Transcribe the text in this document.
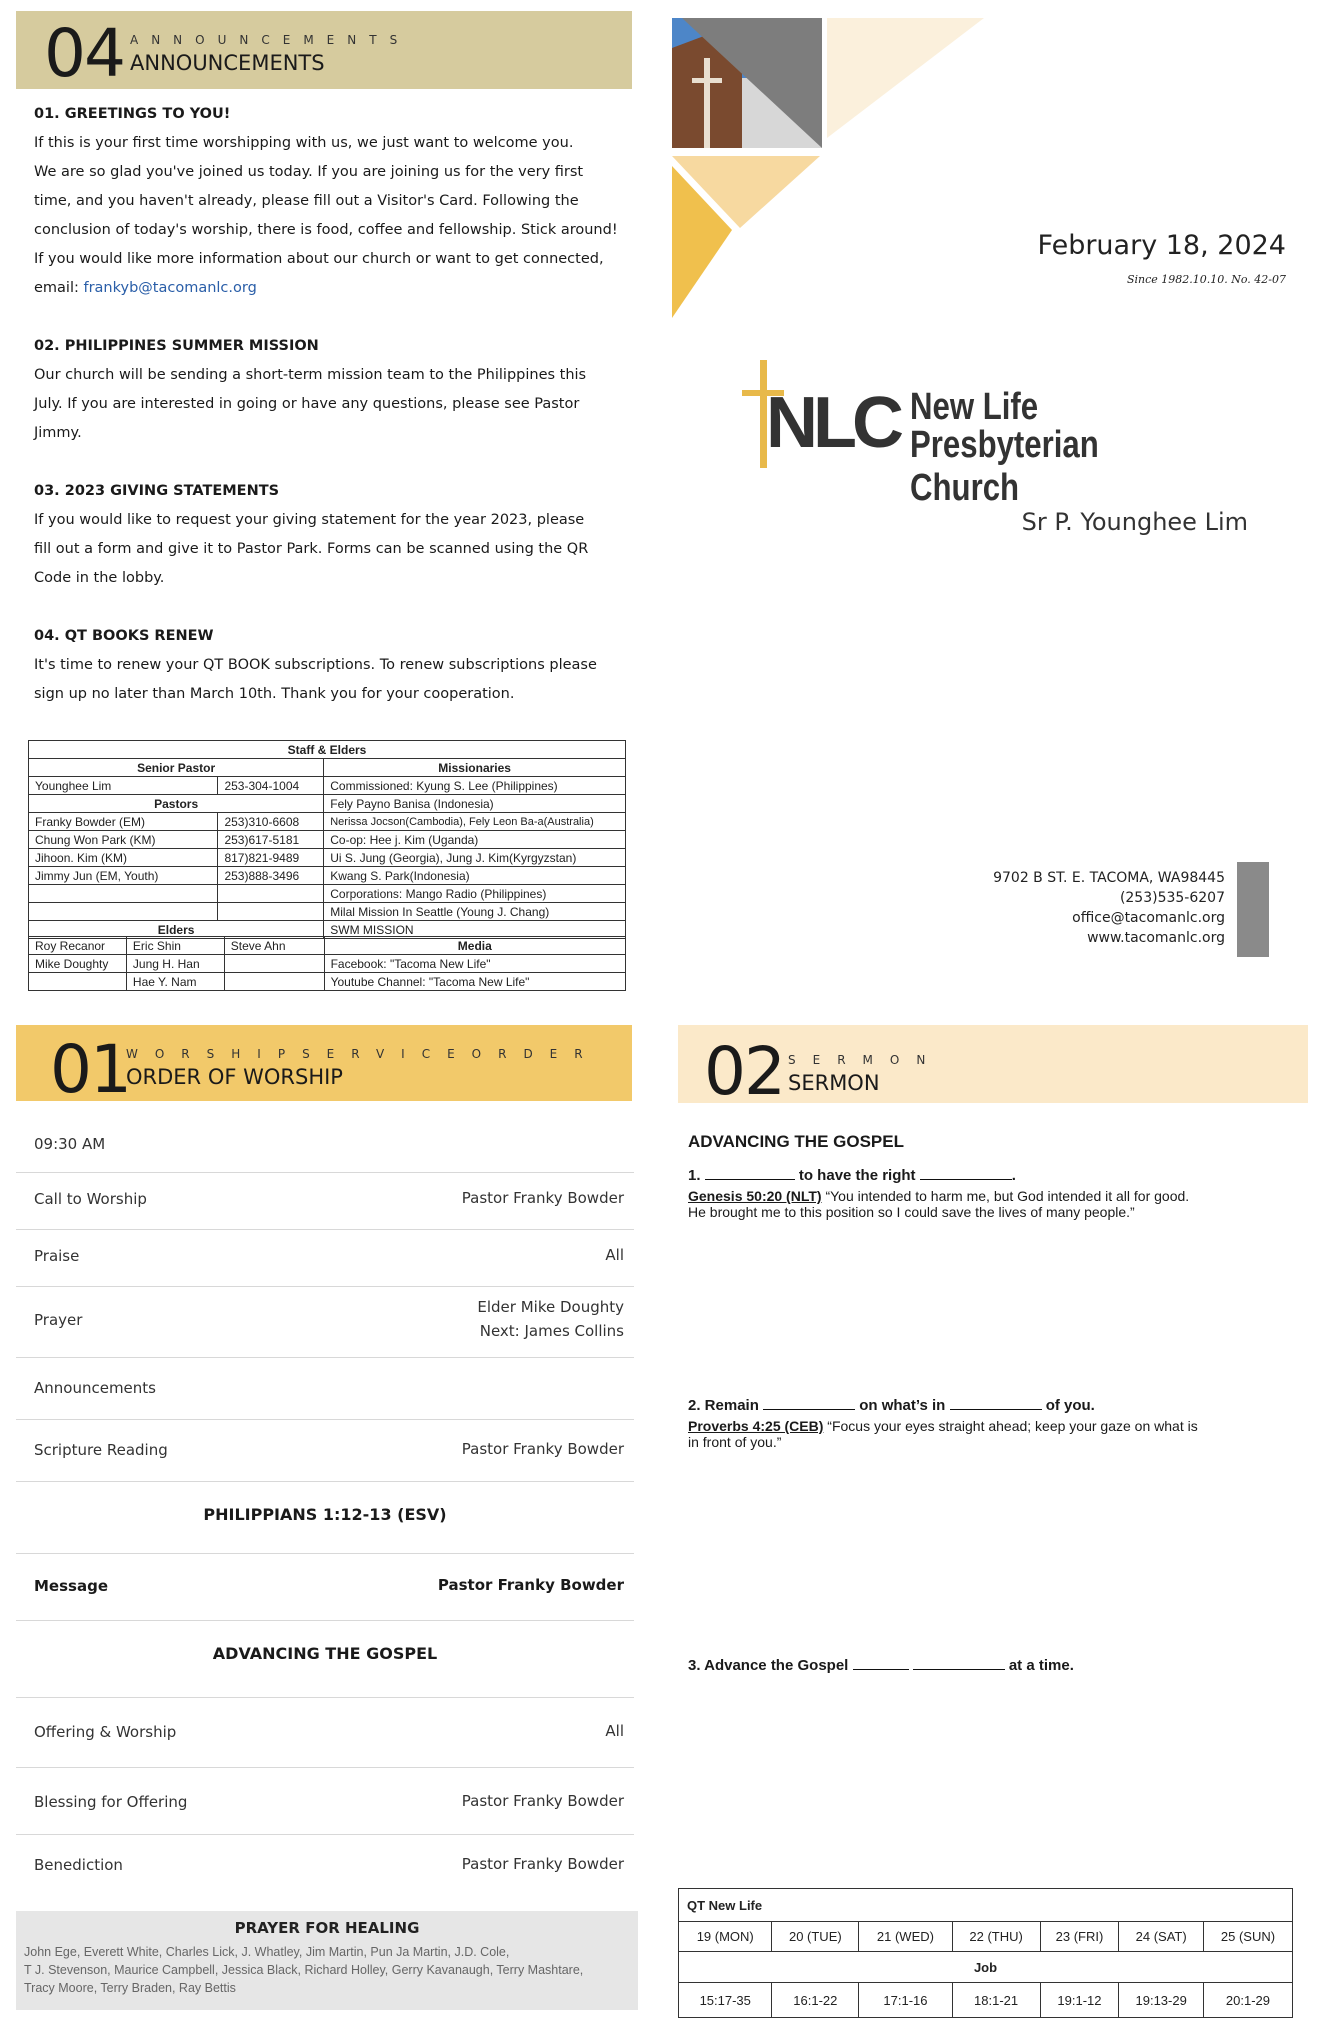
04 ANNOUNCEMENTS
ANNOUNCEMENTS
01. GREETINGS TO YOU!

If this is your first time worshipping with us, we just want to welcome you.

We are so glad you've joined us today. If you are joining us for the very first

time, and you haven't already, please fill out a Visitor's Card. Following the

conclusion of today's worship, there is food, coffee and fellowship. Stick around!

If you would like more information about our church or want to get connected,

email: frankyb@tacomanlc.org

02. PHILIPPINES SUMMER MISSION

Our church will be sending a short-term mission team to the Philippines this

July. If you are interested in going or have any questions, please see Pastor

Jimmy.

03. 2023 GIVING STATEMENTS

If you would like to request your giving statement for the year 2023, please

fill out a form and give it to Pastor Park. Forms can be scanned using the QR

Code in the lobby.

04. QT BOOKS RENEW

It's time to renew your QT BOOK subscriptions. To renew subscriptions please

sign up no later than March 10th. Thank you for your cooperation.

Staff & Elders		
Senior Pastor		Missionaries
Younghee Lim	253-304-1004	Commissioned: Kyung S. Lee (Philippines)
Pastors		Fely Payno Banisa (Indonesia)
Franky Bowder (EM)	253)310-6608	Nerissa Jocson(Cambodia), Fely Leon Ba-a(Australia)
Chung Won Park (KM)	253)617-5181	Co-op: Hee j. Kim (Uganda)
Jihoon. Kim (KM)	817)821-9489	Ui S. Jung (Georgia), Jung J. Kim(Kyrgyzstan)
Jimmy Jun (EM, Youth)	253)888-3496	Kwang S. Park(Indonesia)
		Corporations: Mango Radio (Philippines)
		Milal Mission In Seattle (Young J. Chang)
Elders		SWM MISSION
Roy Recanor	Eric Shin	Steve Ahn	Media
Mike Doughty	Jung H. Han		Facebook: "Tacoma New Life"
	Hae Y. Nam		Youtube Channel: "Tacoma New Life"
February 18, 2024
Since 1982.10.10. No. 42-07
NLC New Life
Presbyterian Church
Sr P. Younghee Lim
9702 B ST. E. TACOMA, WA98445
(253)535-6207
office@tacomanlc.org
www.tacomanlc.org
01
WORSHIPSERVICEORDER
ORDER OF WORSHIP
09:30 AM
Call to Worship	Pastor Franky Bowder
Praise	All
Prayer
Elder Mike Doughty
Next: James Collins
Announcements
Scripture Reading	Pastor Franky Bowder
PHILIPPIANS 1:12-13 (ESV)
Message	Pastor Franky Bowder
ADVANCING THE GOSPEL
Offering & Worship	All
Blessing for Offering	Pastor Franky Bowder
Benediction	Pastor Franky Bowder
PRAYER FOR HEALING
John Ege, Everett White, Charles Lick, J. Whatley, Jim Martin, Pun Ja Martin, J.D. Cole,
T J. Stevenson, Maurice Campbell, Jessica Black, Richard Holley, Gerry Kavanaugh, Terry Mashtare,
Tracy Moore, Terry Braden, Ray Bettis
02 SERMON
SERMON
ADVANCING THE GOSPEL
1.	to have the right	.
Genesis 50:20 (NLT) “You intended to harm me, but God intended it all for good.
He brought me to this position so I could save the lives of many people.”
2. Remain	on what’s in	of you.
Proverbs 4:25 (CEB) “Focus your eyes straight ahead; keep your gaze on what is
in front of you.”
3. Advance the Gospel	at a time.
QT New Life						
19 (MON)	20 (TUE)	21 (WED)	22 (THU)	23 (FRI)	24 (SAT)	25 (SUN)
Job						
15:17-35	16:1-22	17:1-16	18:1-21	19:1-12	19:13-29	20:1-29
